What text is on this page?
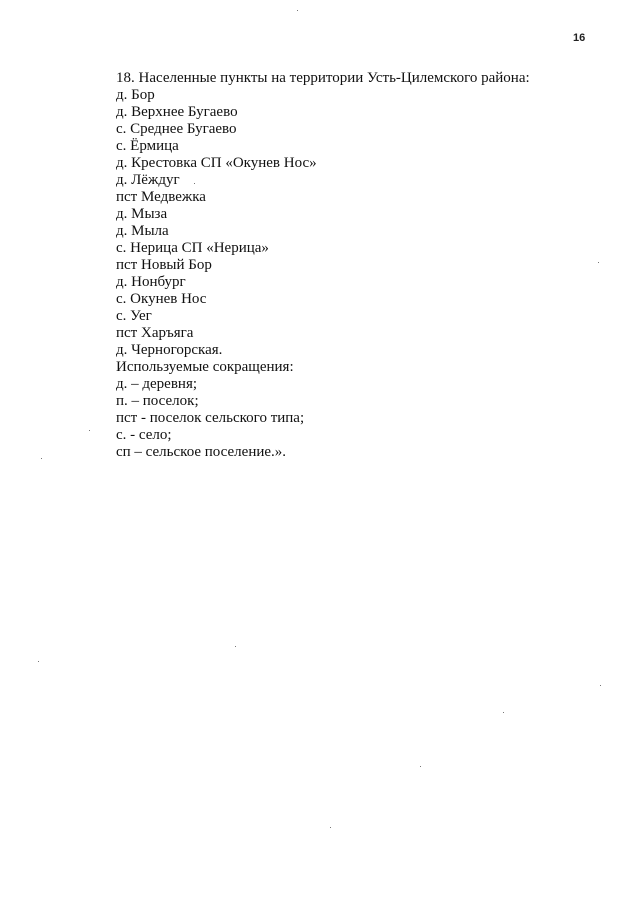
16
18. Населенные пункты на территории Усть-Цилемского района:
д. Бор
д. Верхнее Бугаево
с. Среднее Бугаево
с. Ёрмица
д. Крестовка СП «Окунев Нос»
д. Лёждуг
пст Медвежка
д. Мыза
д. Мыла
с. Нерица СП «Нерица»
пст Новый Бор
д. Нонбург
с. Окунев Нос
с. Уег
пст Харъяга
д. Черногорская.
Используемые сокращения:
д. – деревня;
п. – поселок;
пст - поселок сельского типа;
с. - село;
сп – сельское поселение.».
